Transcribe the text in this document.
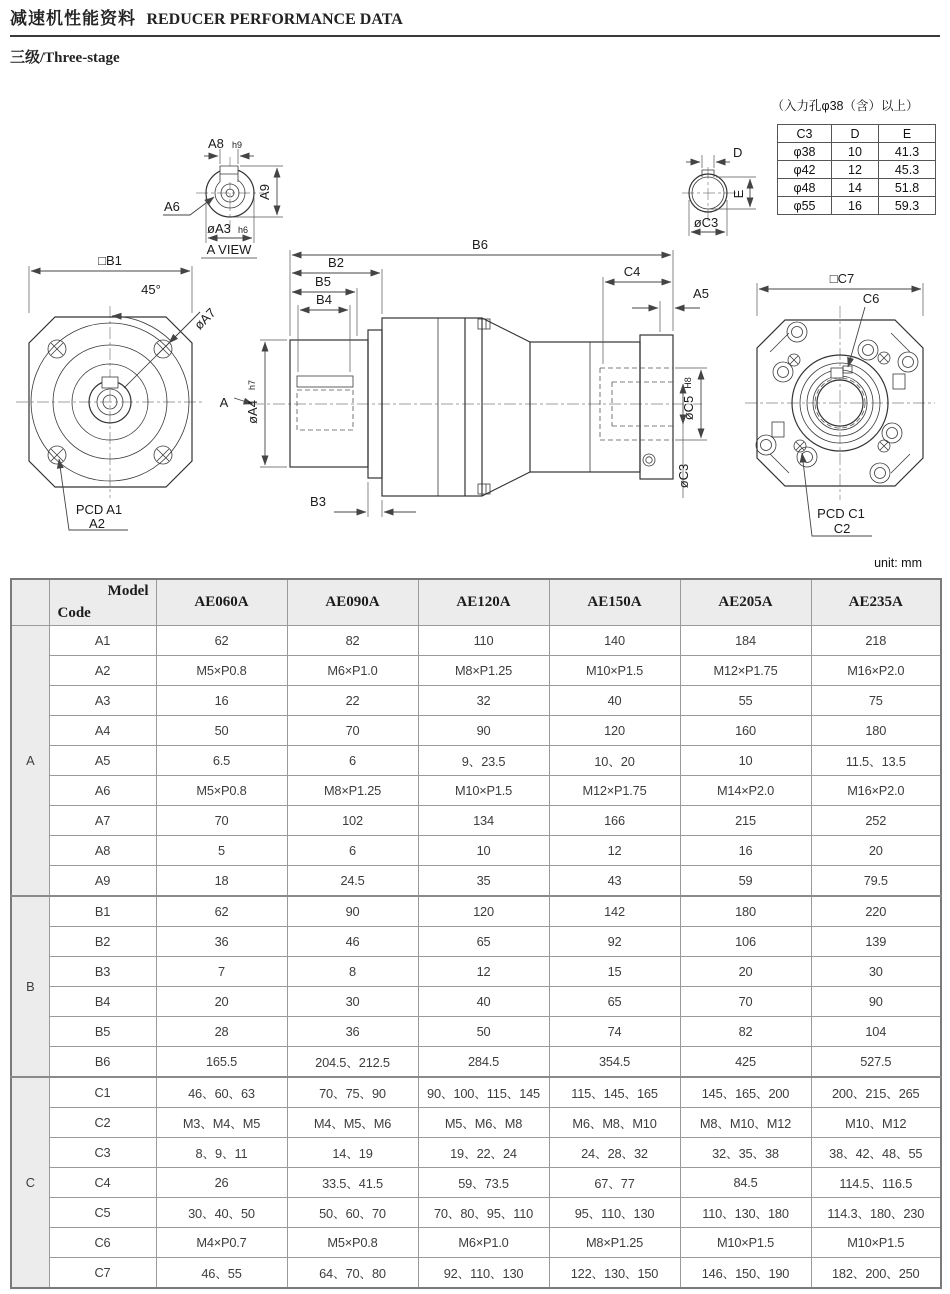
减速机性能资料 REDUCER PERFORMANCE DATA
三级/Three-stage
A8 h9
A9
A6
øA3 h6
A VIEW
D
E
øC3
□B1
45°
øA7
PCD A1
A2
A
B6
B2
B5
B4
C4
A5
øA4
h7
B3
øC5
H8
øC3
□C7
C6
PCD C1
C2
（入力孔φ38（含）以上）
C3	D	E
φ38	10	41.3
φ42	12	45.3
φ48	14	51.8
φ55	16	59.3
unit: mm

	Model
Code	AE060A	AE090A	AE120A	AE150A	AE205A	AE235A
A	A1	62	82	110	140	184	218
	A2	M5×P0.8	M6×P1.0	M8×P1.25	M10×P1.5	M12×P1.75	M16×P2.0
	A3	16	22	32	40	55	75
	A4	50	70	90	120	160	180
	A5	6.5	6	9、23.5	10、20	10	11.5、13.5
	A6	M5×P0.8	M8×P1.25	M10×P1.5	M12×P1.75	M14×P2.0	M16×P2.0
	A7	70	102	134	166	215	252
	A8	5	6	10	12	16	20
	A9	18	24.5	35	43	59	79.5
B	B1	62	90	120	142	180	220
	B2	36	46	65	92	106	139
	B3	7	8	12	15	20	30
	B4	20	30	40	65	70	90
	B5	28	36	50	74	82	104
	B6	165.5	204.5、212.5	284.5	354.5	425	527.5
C	C1	46、60、63	70、75、90	90、100、115、145	115、145、165	145、165、200	200、215、265
	C2	M3、M4、M5	M4、M5、M6	M5、M6、M8	M6、M8、M10	M8、M10、M12	M10、M12
	C3	8、9、11	14、19	19、22、24	24、28、32	32、35、38	38、42、48、55
	C4	26	33.5、41.5	59、73.5	67、77	84.5	114.5、116.5
	C5	30、40、50	50、60、70	70、80、95、110	95、110、130	110、130、180	114.3、180、230
	C6	M4×P0.7	M5×P0.8	M6×P1.0	M8×P1.25	M10×P1.5	M10×P1.5
	C7	46、55	64、70、80	92、110、130	122、130、150	146、150、190	182、200、250
